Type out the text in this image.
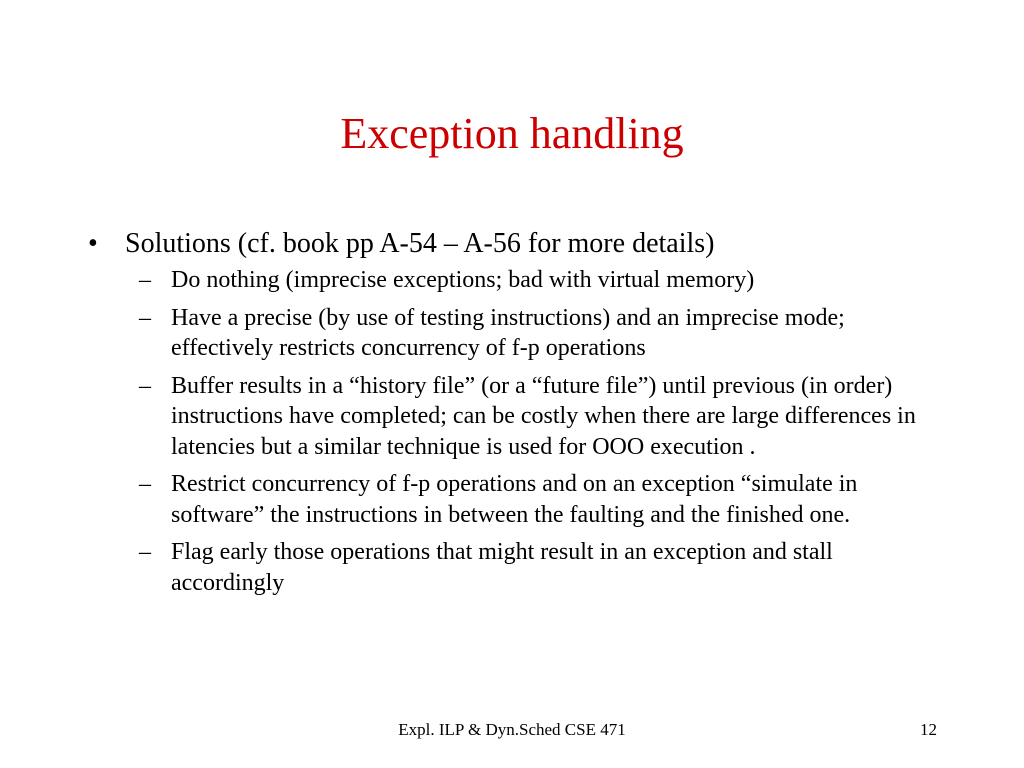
Exception handling
• Solutions (cf. book pp A-54 – A-56 for more details)
– Do nothing (imprecise exceptions; bad with virtual memory)
– Have a precise (by use of testing instructions) and an imprecise mode; effectively restricts concurrency of f-p operations
– Buffer results in a “history file” (or a “future file”) until previous (in order) instructions have completed; can be costly when there are large differences in latencies but a similar technique is used for OOO execution .
– Restrict concurrency of f-p operations and on an exception “simulate in software” the instructions in between the faulting and the finished one.
– Flag early those operations that might result in an exception and stall accordingly
Expl. ILP & Dyn.Sched CSE 471	12
